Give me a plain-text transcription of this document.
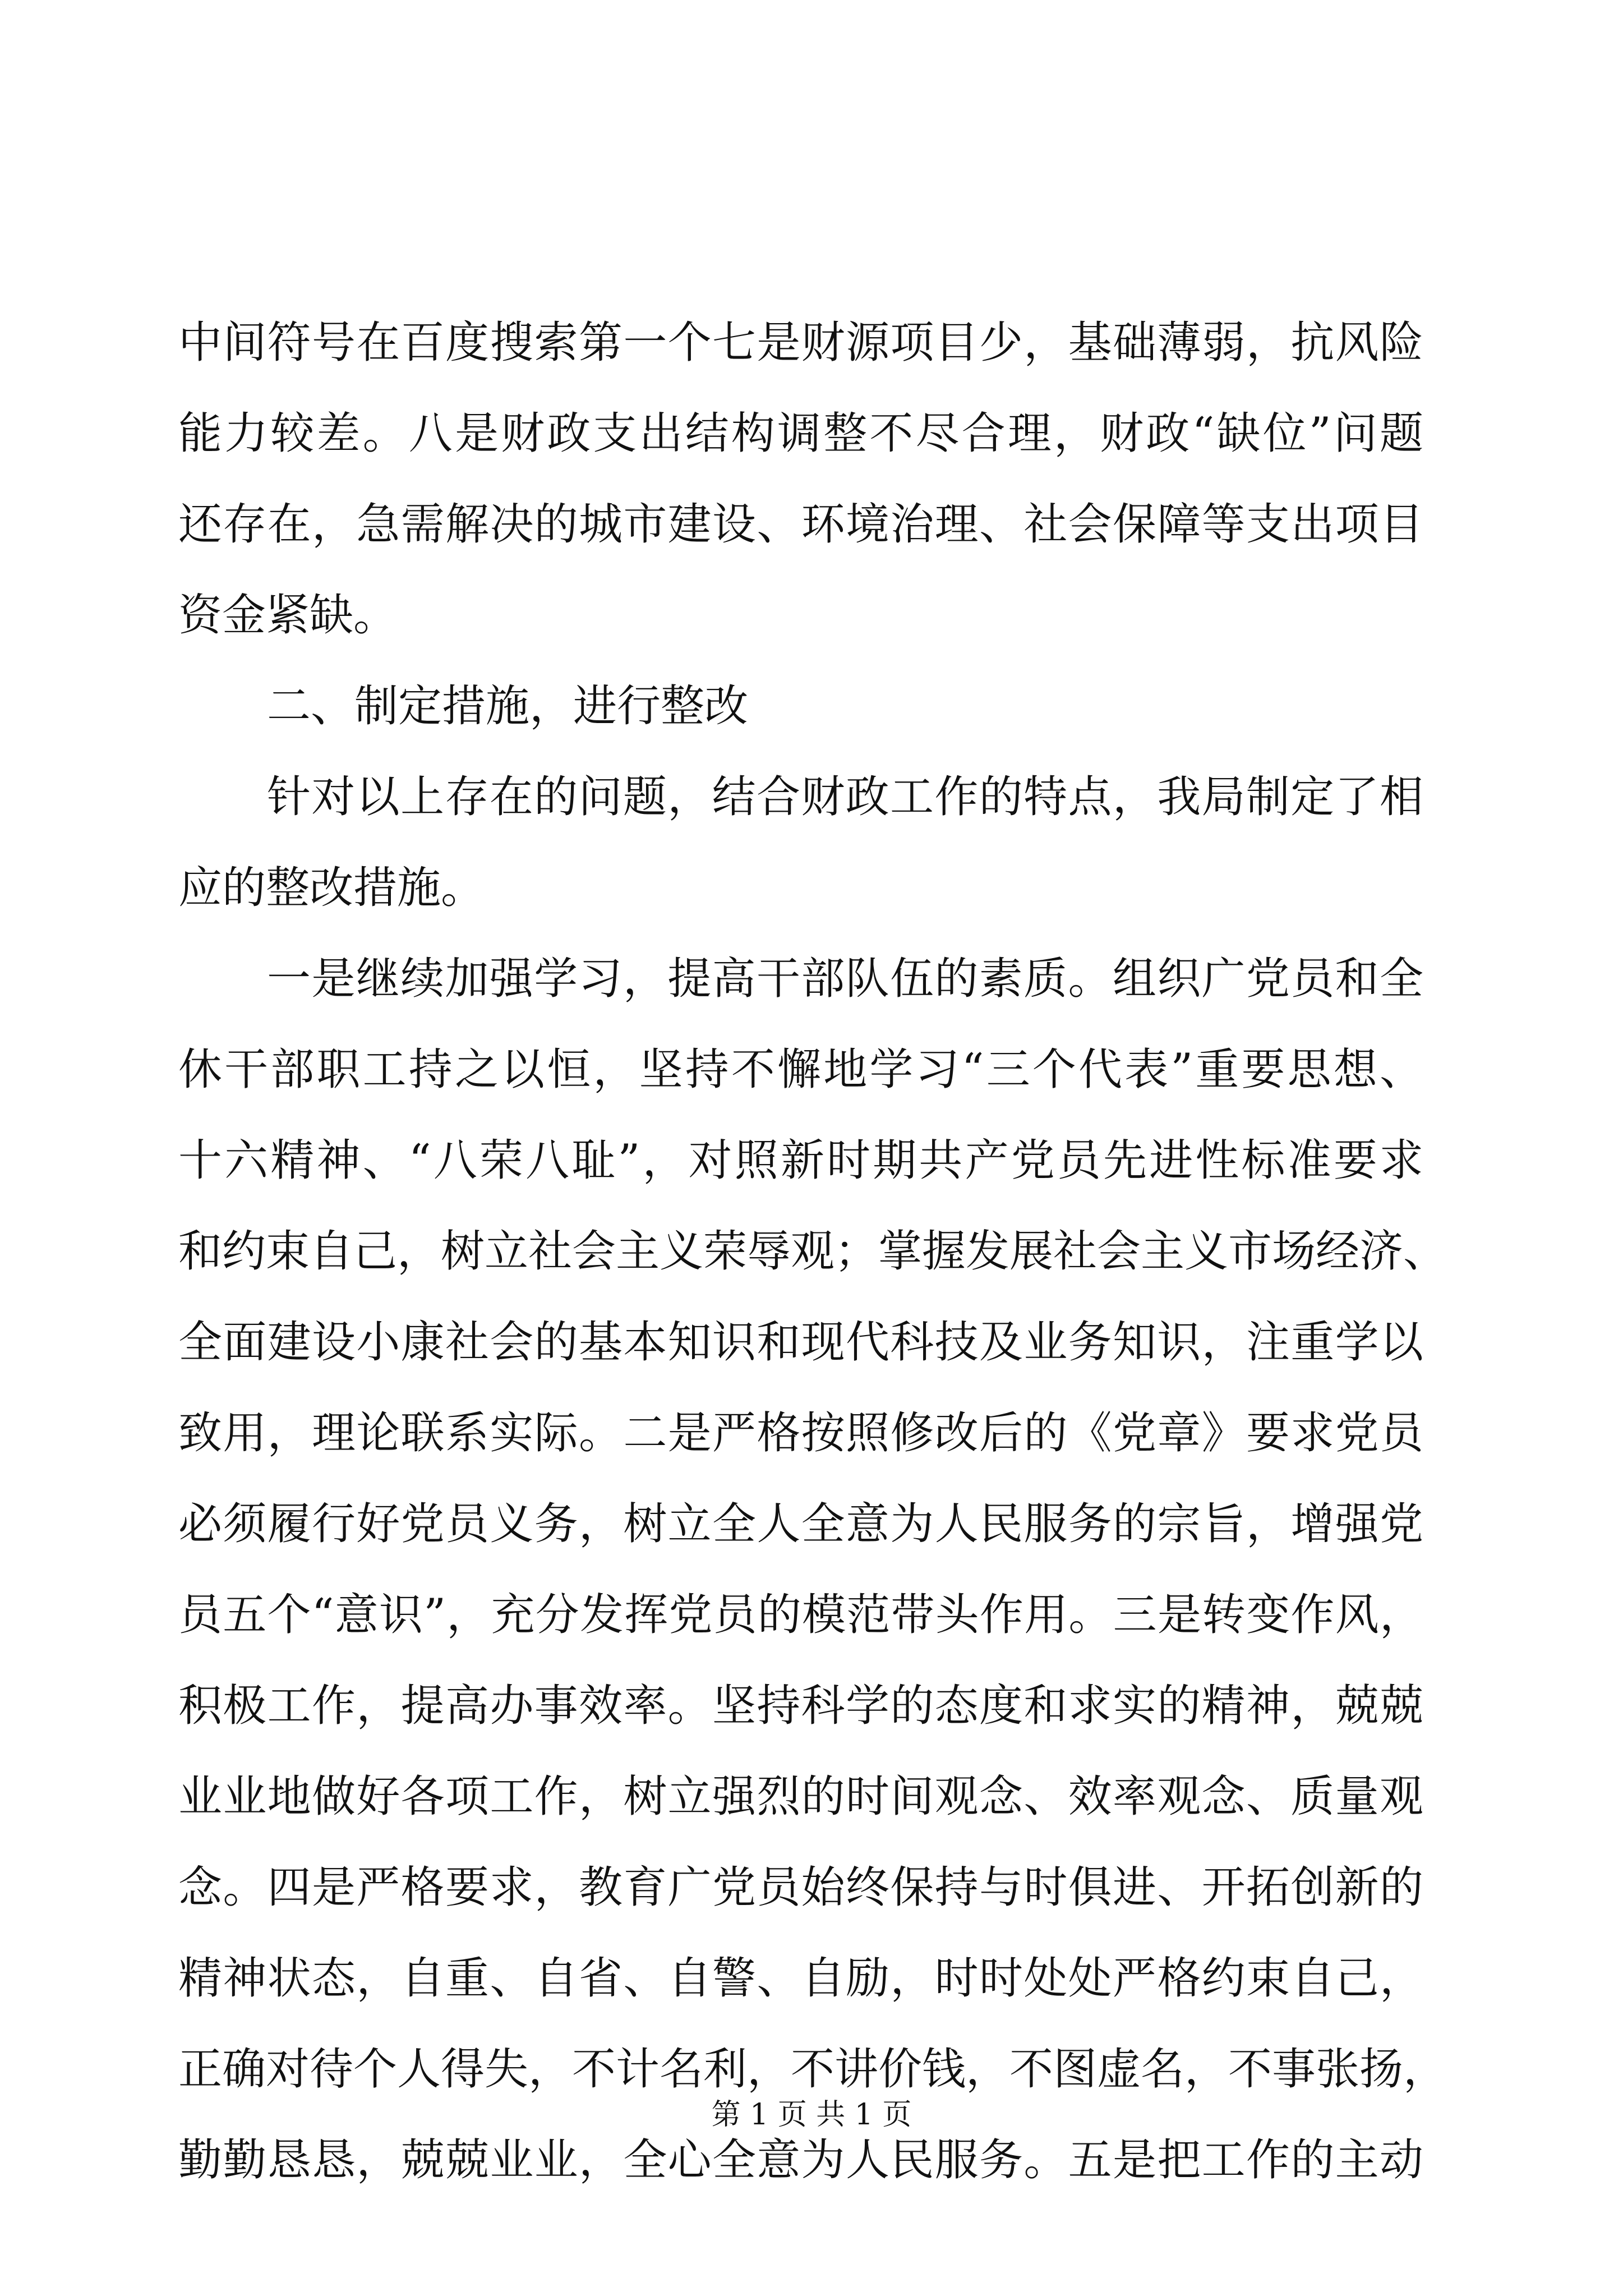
中间符号在百度搜索第一个七是财源项目少，基础薄弱，抗风险
能力较差。八是财政支出结构调整不尽合理，财政“缺位”问题
还存在，急需解决的城市建设、环境治理、社会保障等支出项目
资金紧缺。
二、制定措施，进行整改
针对以上存在的问题，结合财政工作的特点，我局制定了相
应的整改措施。
一是继续加强学习，提高干部队伍的素质。组织广党员和全
休干部职工持之以恒，坚持不懈地学习“三个代表”重要思想、
十六精神、“八荣八耻”，对照新时期共产党员先进性标准要求
和约束自己，树立社会主义荣辱观；掌握发展社会主义市场经济、
全面建设小康社会的基本知识和现代科技及业务知识，注重学以
致用，理论联系实际。二是严格按照修改后的《党章》要求党员
必须履行好党员义务，树立全人全意为人民服务的宗旨，增强党
员五个“意识”，充分发挥党员的模范带头作用。三是转变作风，
积极工作，提高办事效率。坚持科学的态度和求实的精神，兢兢
业业地做好各项工作，树立强烈的时间观念、效率观念、质量观
念。四是严格要求，教育广党员始终保持与时俱进、开拓创新的
精神状态，自重、自省、自警、自励，时时处处严格约束自己，
正确对待个人得失，不计名利，不讲价钱，不图虚名，不事张扬，
勤勤恳恳，兢兢业业，全心全意为人民服务。五是把工作的主动
第 1 页 共 1 页
